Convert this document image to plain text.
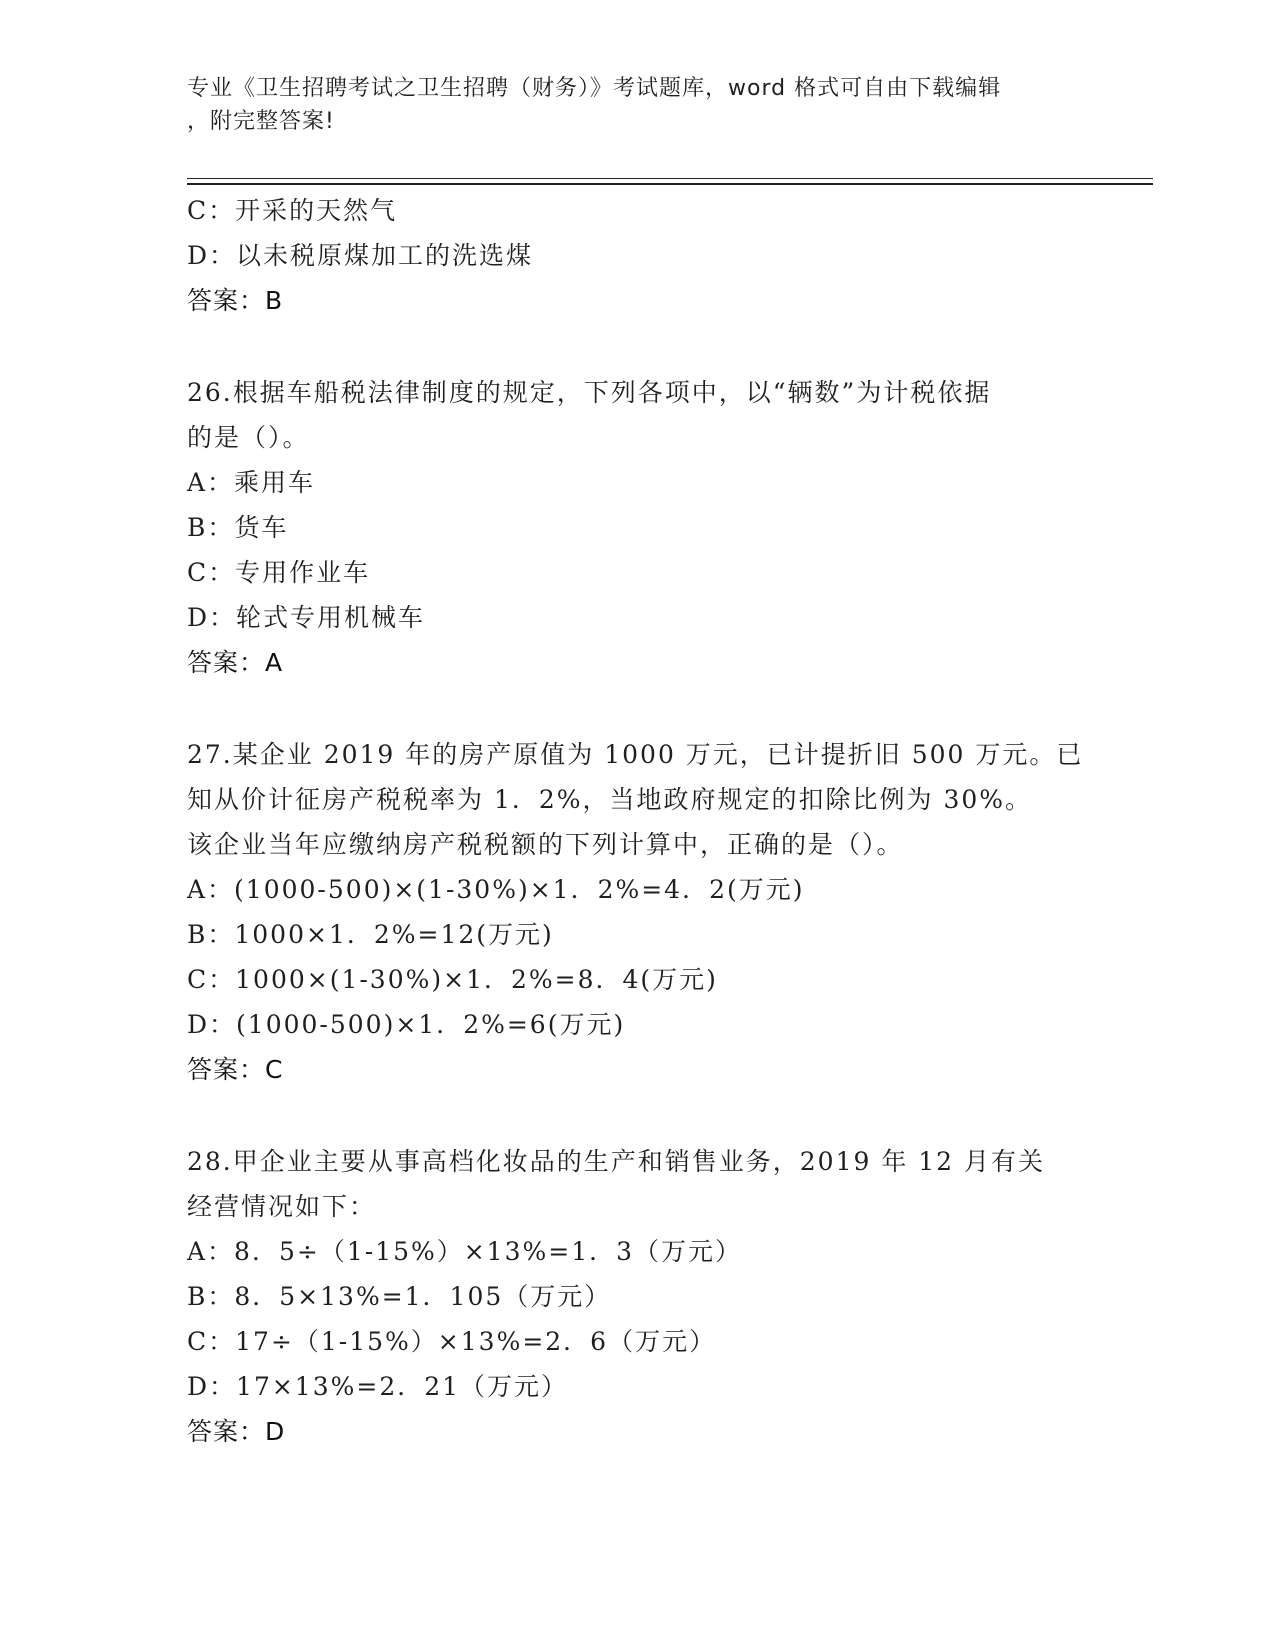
专业《卫生招聘考试之卫生招聘（财务）》考试题库，word 格式可自由下载编辑
，附完整答案!
C：开采的天然气
D：以未税原煤加工的洗选煤
答案：B
26.根据车船税法律制度的规定，下列各项中，以“辆数”为计税依据
的是（）。
A：乘用车
B：货车
C：专用作业车
D：轮式专用机械车
答案：A
27.某企业 2019 年的房产原值为 1000 万元，已计提折旧 500 万元。已
知从价计征房产税税率为 1．2%，当地政府规定的扣除比例为 30%。
该企业当年应缴纳房产税税额的下列计算中，正确的是（）。
A：(1000-500)×(1-30%)×1．2%=4．2(万元)
B：1000×1．2%=12(万元)
C：1000×(1-30%)×1．2%=8．4(万元)
D：(1000-500)×1．2%=6(万元)
答案：C
28.甲企业主要从事高档化妆品的生产和销售业务，2019 年 12 月有关
经营情况如下：
A：8．5÷（1-15%）×13%=1．3（万元）
B：8．5×13%=1．105（万元）
C：17÷（1-15%）×13%=2．6（万元）
D：17×13%=2．21（万元）
答案：D
